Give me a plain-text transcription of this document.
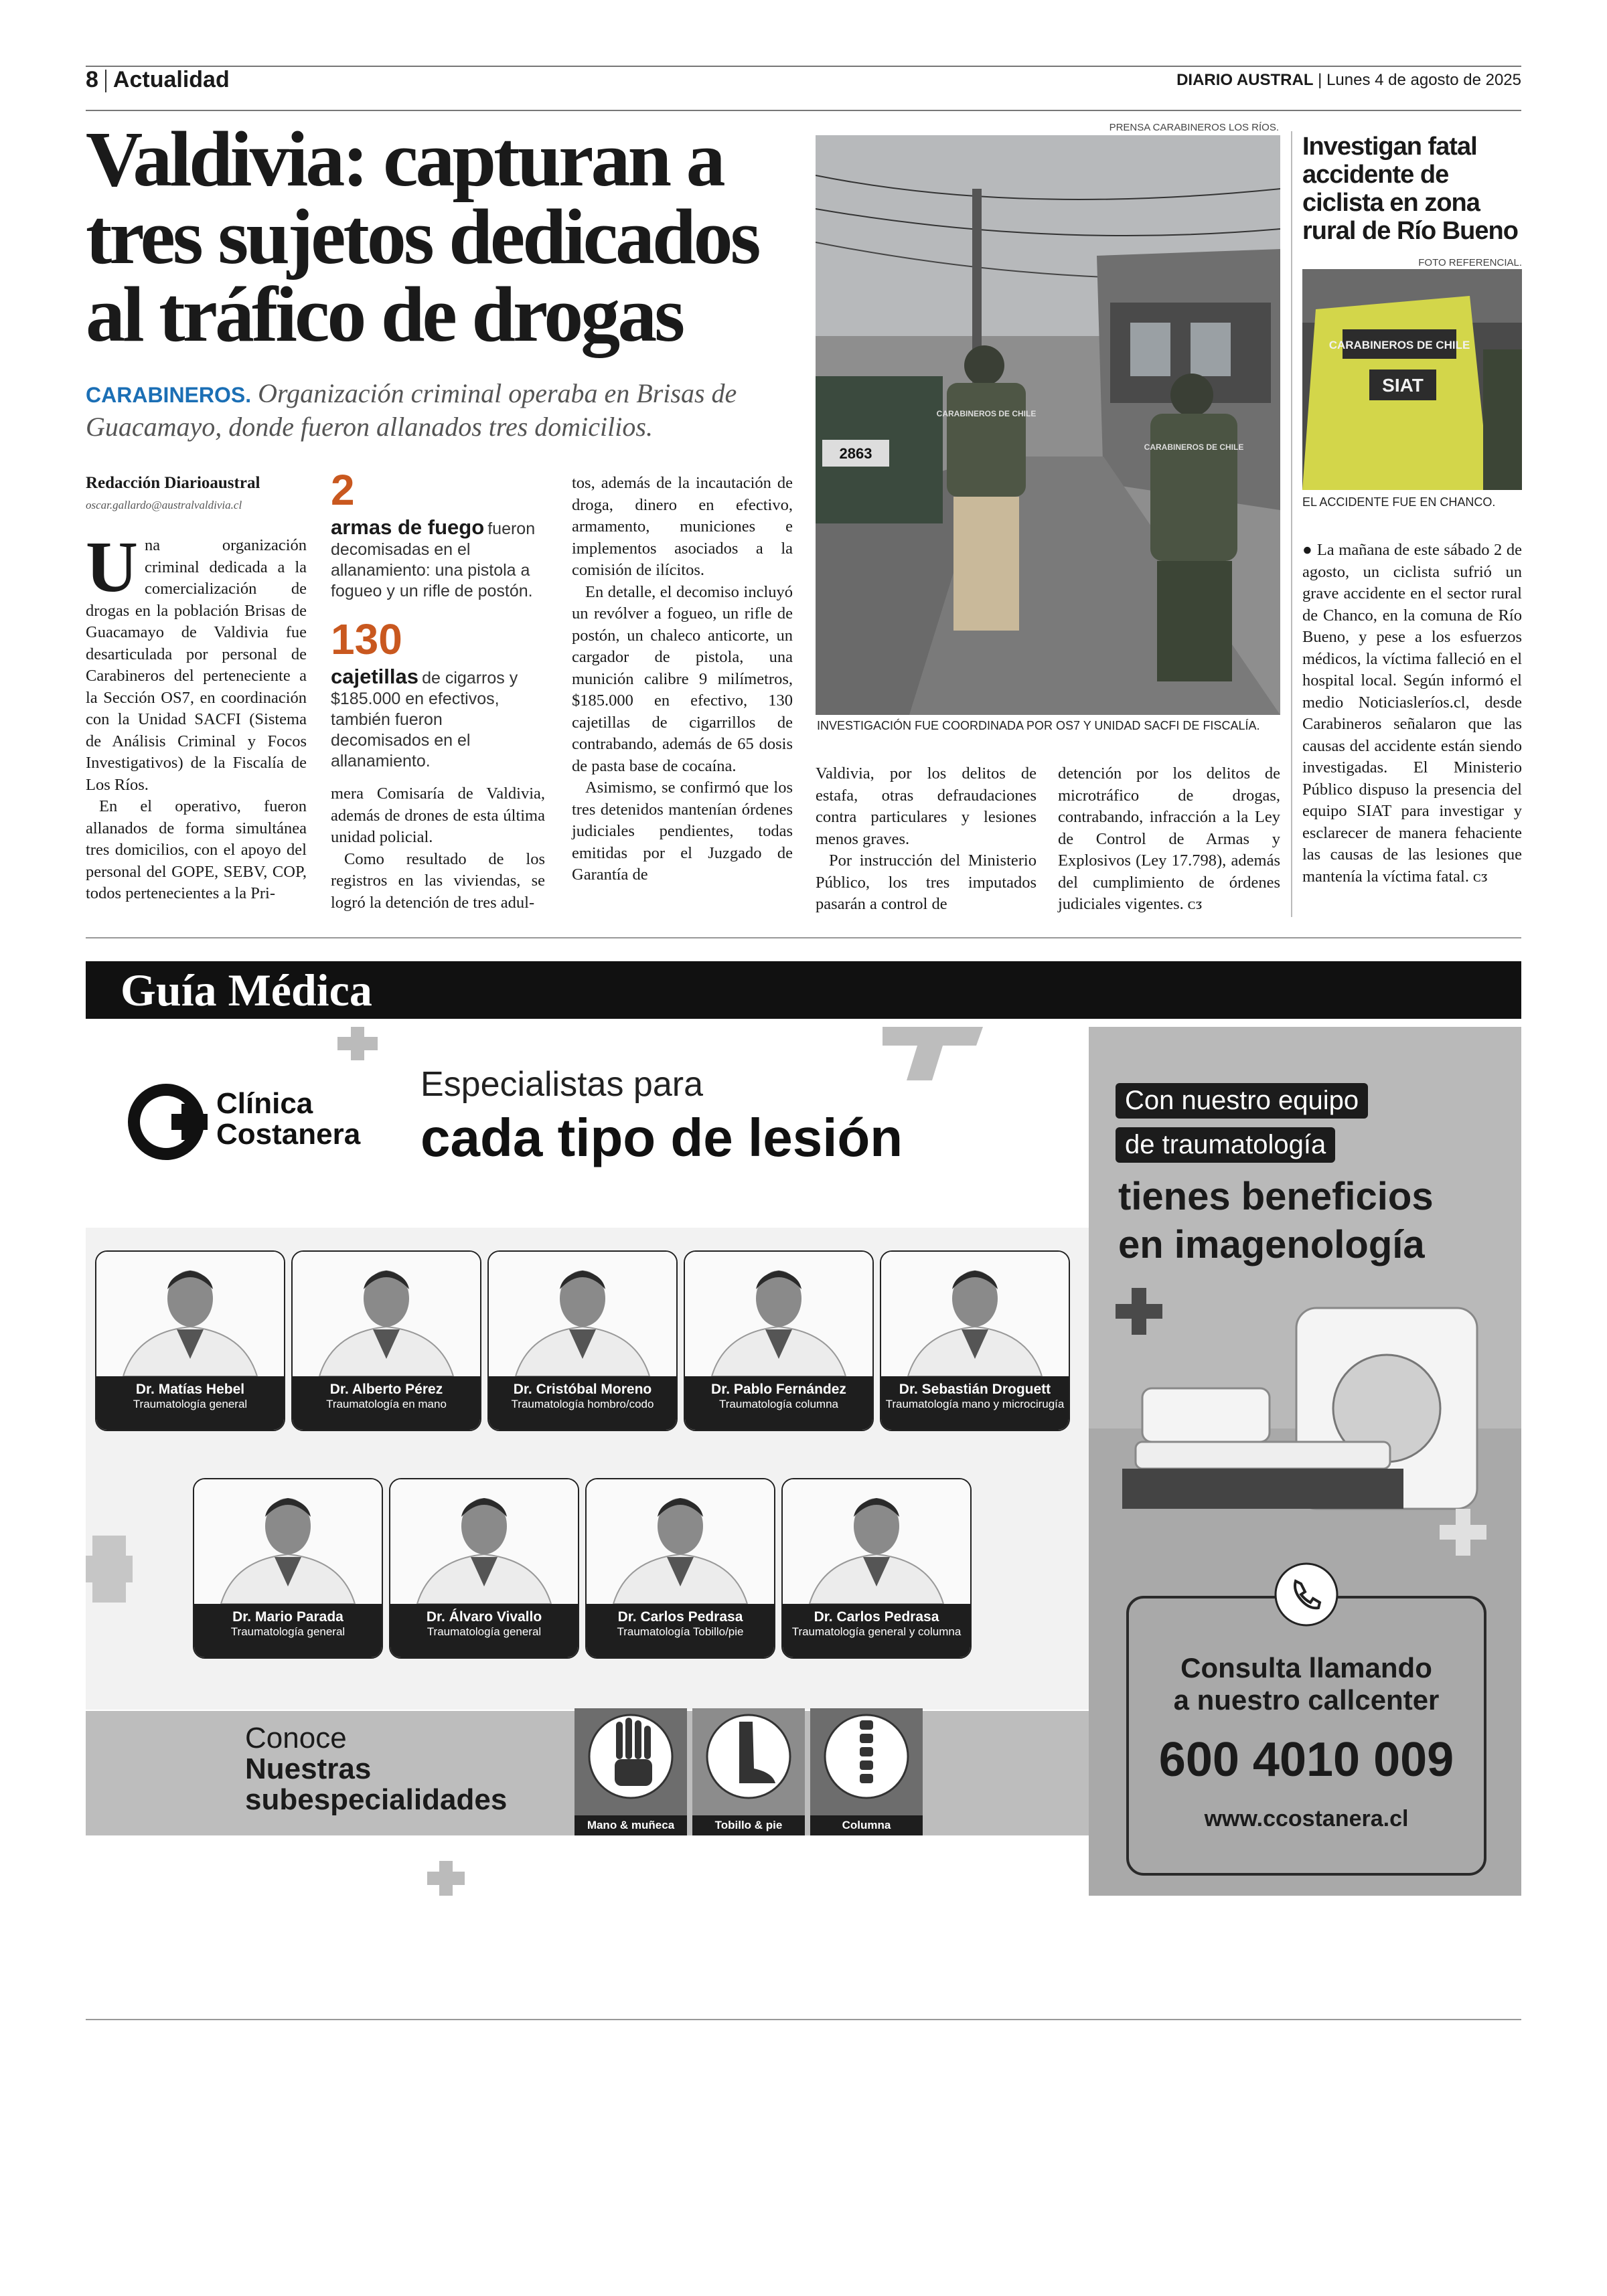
8 Actualidad	DIARIO AUSTRAL | Lunes 4 de agosto de 2025
Valdivia: capturan a tres sujetos dedicados al tráfico de drogas
CARABINEROS. Organización criminal operaba en Brisas de Guacamayo, donde fueron allanados tres domicilios.
Redacción Diarioaustral
oscar.gallardo@australvaldivia.cl

Una organización criminal dedicada a la comercialización de drogas en la población Brisas de Guacamayo de Valdivia fue desarticulada por personal de Carabineros del perteneciente a la Sección OS7, en coordinación con la Unidad SACFI (Sistema de Análisis Criminal y Focos Investigativos) de la Fiscalía de Los Ríos.

En el operativo, fueron allanados de forma simultánea tres domicilios, con el apoyo del personal del GOPE, SEBV, COP, todos pertenecientes a la Pri-

2
armas de fuego fueron decomisadas en el allanamiento: una pistola a fogueo y un rifle de postón.
130
cajetillas de cigarros y $185.000 en efectivos, también fueron decomisados en el allanamiento.

mera Comisaría de Valdivia, además de drones de esta última unidad policial.

Como resultado de los registros en las viviendas, se logró la detención de tres adul-

tos, además de la incautación de droga, dinero en efectivo, armamento, municiones e implementos asociados a la comisión de ilícitos.

En detalle, el decomiso incluyó un revólver a fogueo, un rifle de postón, un chaleco anticorte, un cargador de pistola, una munición calibre 9 milímetros, $185.000 en efectivo, 130 cajetillas de cigarrillos de contrabando, además de 65 dosis de pasta base de cocaína.

Asimismo, se confirmó que los tres detenidos mantenían órdenes judiciales pendientes, todas emitidas por el Juzgado de Garantía de

PRENSA CARABINEROS LOS RÍOS.
2863
CARABINEROS DE CHILE
CARABINEROS DE CHILE
INVESTIGACIÓN FUE COORDINADA POR OS7 Y UNIDAD SACFI DE FISCALÍA.

Valdivia, por los delitos de estafa, otras defraudaciones contra particulares y lesiones menos graves.

Por instrucción del Ministerio Público, los tres imputados pasarán a control de

detención por los delitos de microtráfico de drogas, contrabando, infracción a la Ley de Control de Armas y Explosivos (Ley 17.798), además del cumplimiento de órdenes judiciales vigentes. ᴄᴣ

Investigan fatal accidente de ciclista en zona rural de Río Bueno
FOTO REFERENCIAL.
CARABINEROS DE CHILE
SIAT
EL ACCIDENTE FUE EN CHANCO.

● La mañana de este sábado 2 de agosto, un ciclista sufrió un grave accidente en el sector rural de Chanco, en la comuna de Río Bueno, y pese a los esfuerzos médicos, la víctima falleció en el hospital local. Según informó el medio Noticiasleríos.cl, desde Carabineros señalaron que las causas del accidente están siendo investigadas. El Ministerio Público dispuso la presencia del equipo SIAT para investigar y esclarecer de manera fehaciente las causas de las lesiones que mantenía la víctima fatal. ᴄᴣ

Guía Médica
Clínica
Costanera
Especialistas para
cada tipo de lesión
Dr. Matías Hebel
Traumatología general
Dr. Alberto Pérez
Traumatología en mano
Dr. Cristóbal Moreno
Traumatología hombro/codo
Dr. Pablo Fernández
Traumatología columna
Dr. Sebastián Droguett
Traumatología mano y microcirugía
Dr. Mario Parada
Traumatología general
Dr. Álvaro Vivallo
Traumatología general
Dr. Carlos Pedrasa
Traumatología Tobillo/pie
Dr. Carlos Pedrasa
Traumatología general y columna
Conoce
Nuestras
subespecialidades
Mano & muñeca	Tobillo & pie	Columna
Con nuestro equipo
de traumatología
tienes beneficios
en imagenología
Consulta llamando
a nuestro callcenter
600 4010 009
www.ccostanera.cl
